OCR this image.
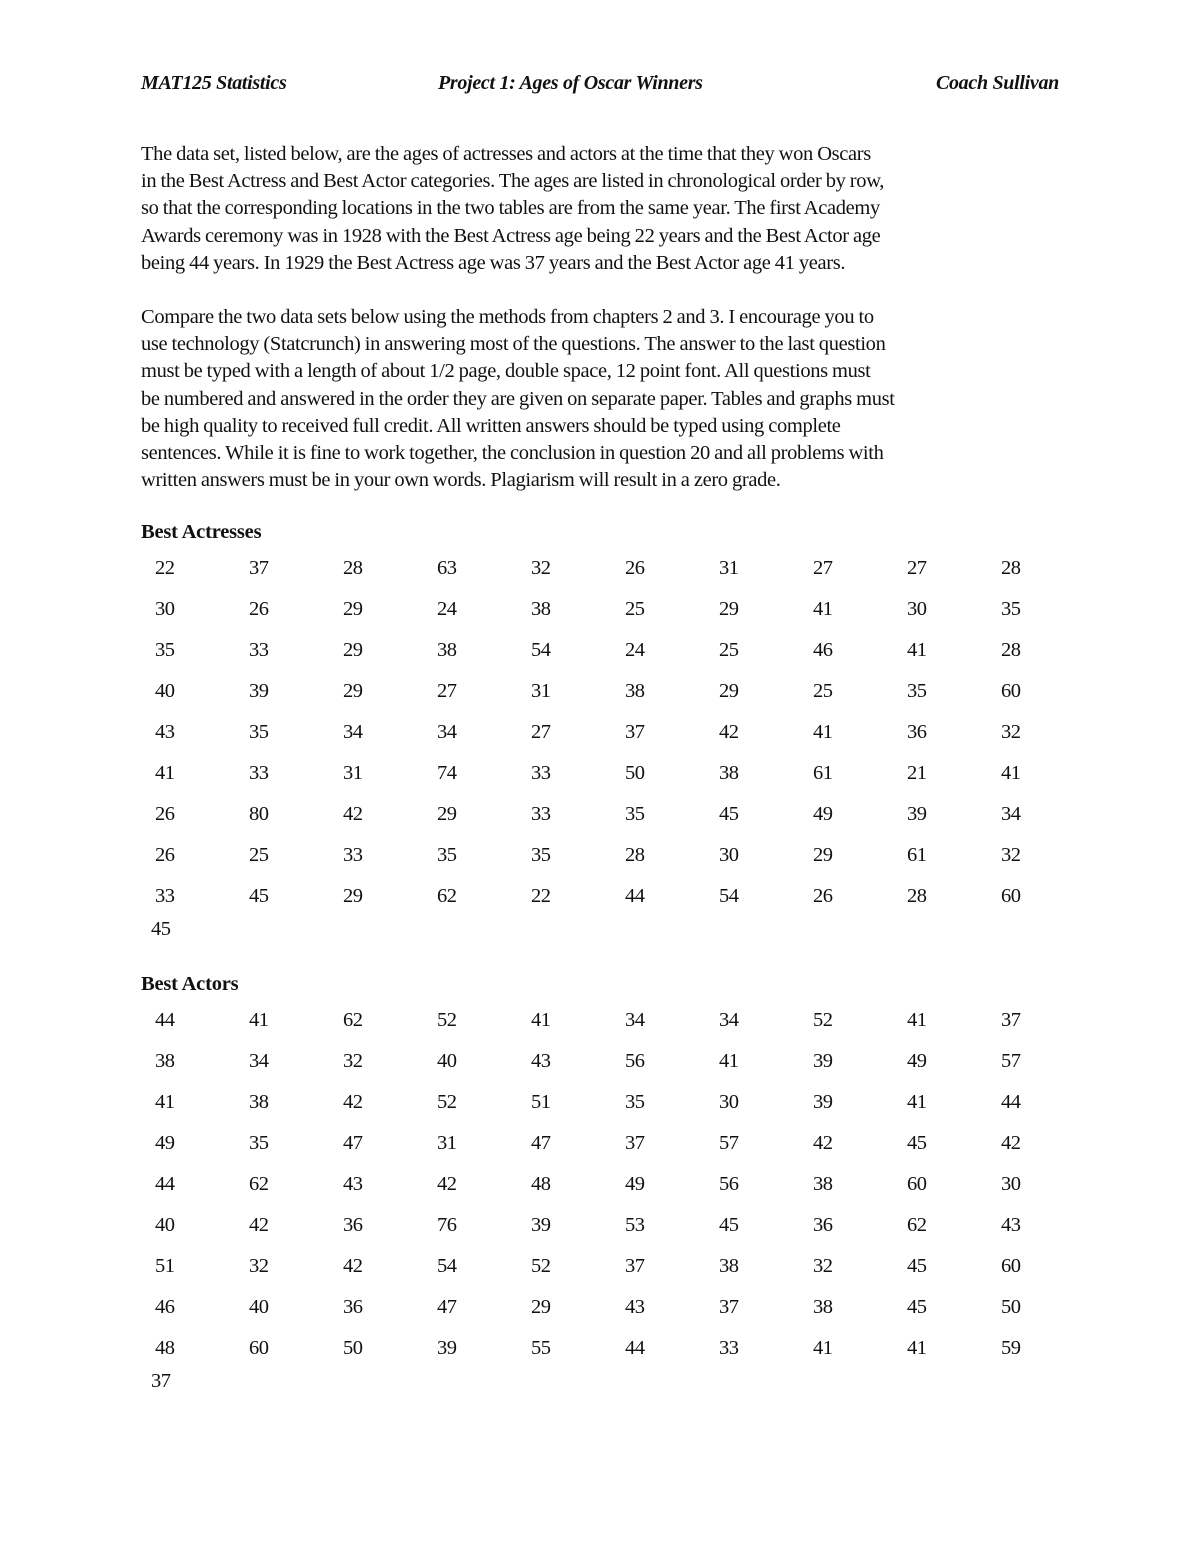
MAT125 Statistics	Project 1: Ages of Oscar Winners	Coach Sullivan
The data set, listed below, are the ages of actresses and actors at the time that they won Oscars
in the Best Actress and Best Actor categories. The ages are listed in chronological order by row,
so that the corresponding locations in the two tables are from the same year. The first Academy
Awards ceremony was in 1928 with the Best Actress age being 22 years and the Best Actor age
being 44 years. In 1929 the Best Actress age was 37 years and the Best Actor age 41 years.
Compare the two data sets below using the methods from chapters 2 and 3. I encourage you to
use technology (Statcrunch) in answering most of the questions. The answer to the last question
must be typed with a length of about 1/2 page, double space, 12 point font. All questions must
be numbered and answered in the order they are given on separate paper. Tables and graphs must
be high quality to received full credit. All written answers should be typed using complete
sentences. While it is fine to work together, the conclusion in question 20 and all problems with
written answers must be in your own words. Plagiarism will result in a zero grade.
Best Actresses
22	37	28	63	32	26	31	27	27	28
30	26	29	24	38	25	29	41	30	35
35	33	29	38	54	24	25	46	41	28
40	39	29	27	31	38	29	25	35	60
43	35	34	34	27	37	42	41	36	32
41	33	31	74	33	50	38	61	21	41
26	80	42	29	33	35	45	49	39	34
26	25	33	35	35	28	30	29	61	32
33	45	29	62	22	44	54	26	28	60
45
Best Actors
44	41	62	52	41	34	34	52	41	37
38	34	32	40	43	56	41	39	49	57
41	38	42	52	51	35	30	39	41	44
49	35	47	31	47	37	57	42	45	42
44	62	43	42	48	49	56	38	60	30
40	42	36	76	39	53	45	36	62	43
51	32	42	54	52	37	38	32	45	60
46	40	36	47	29	43	37	38	45	50
48	60	50	39	55	44	33	41	41	59
37
